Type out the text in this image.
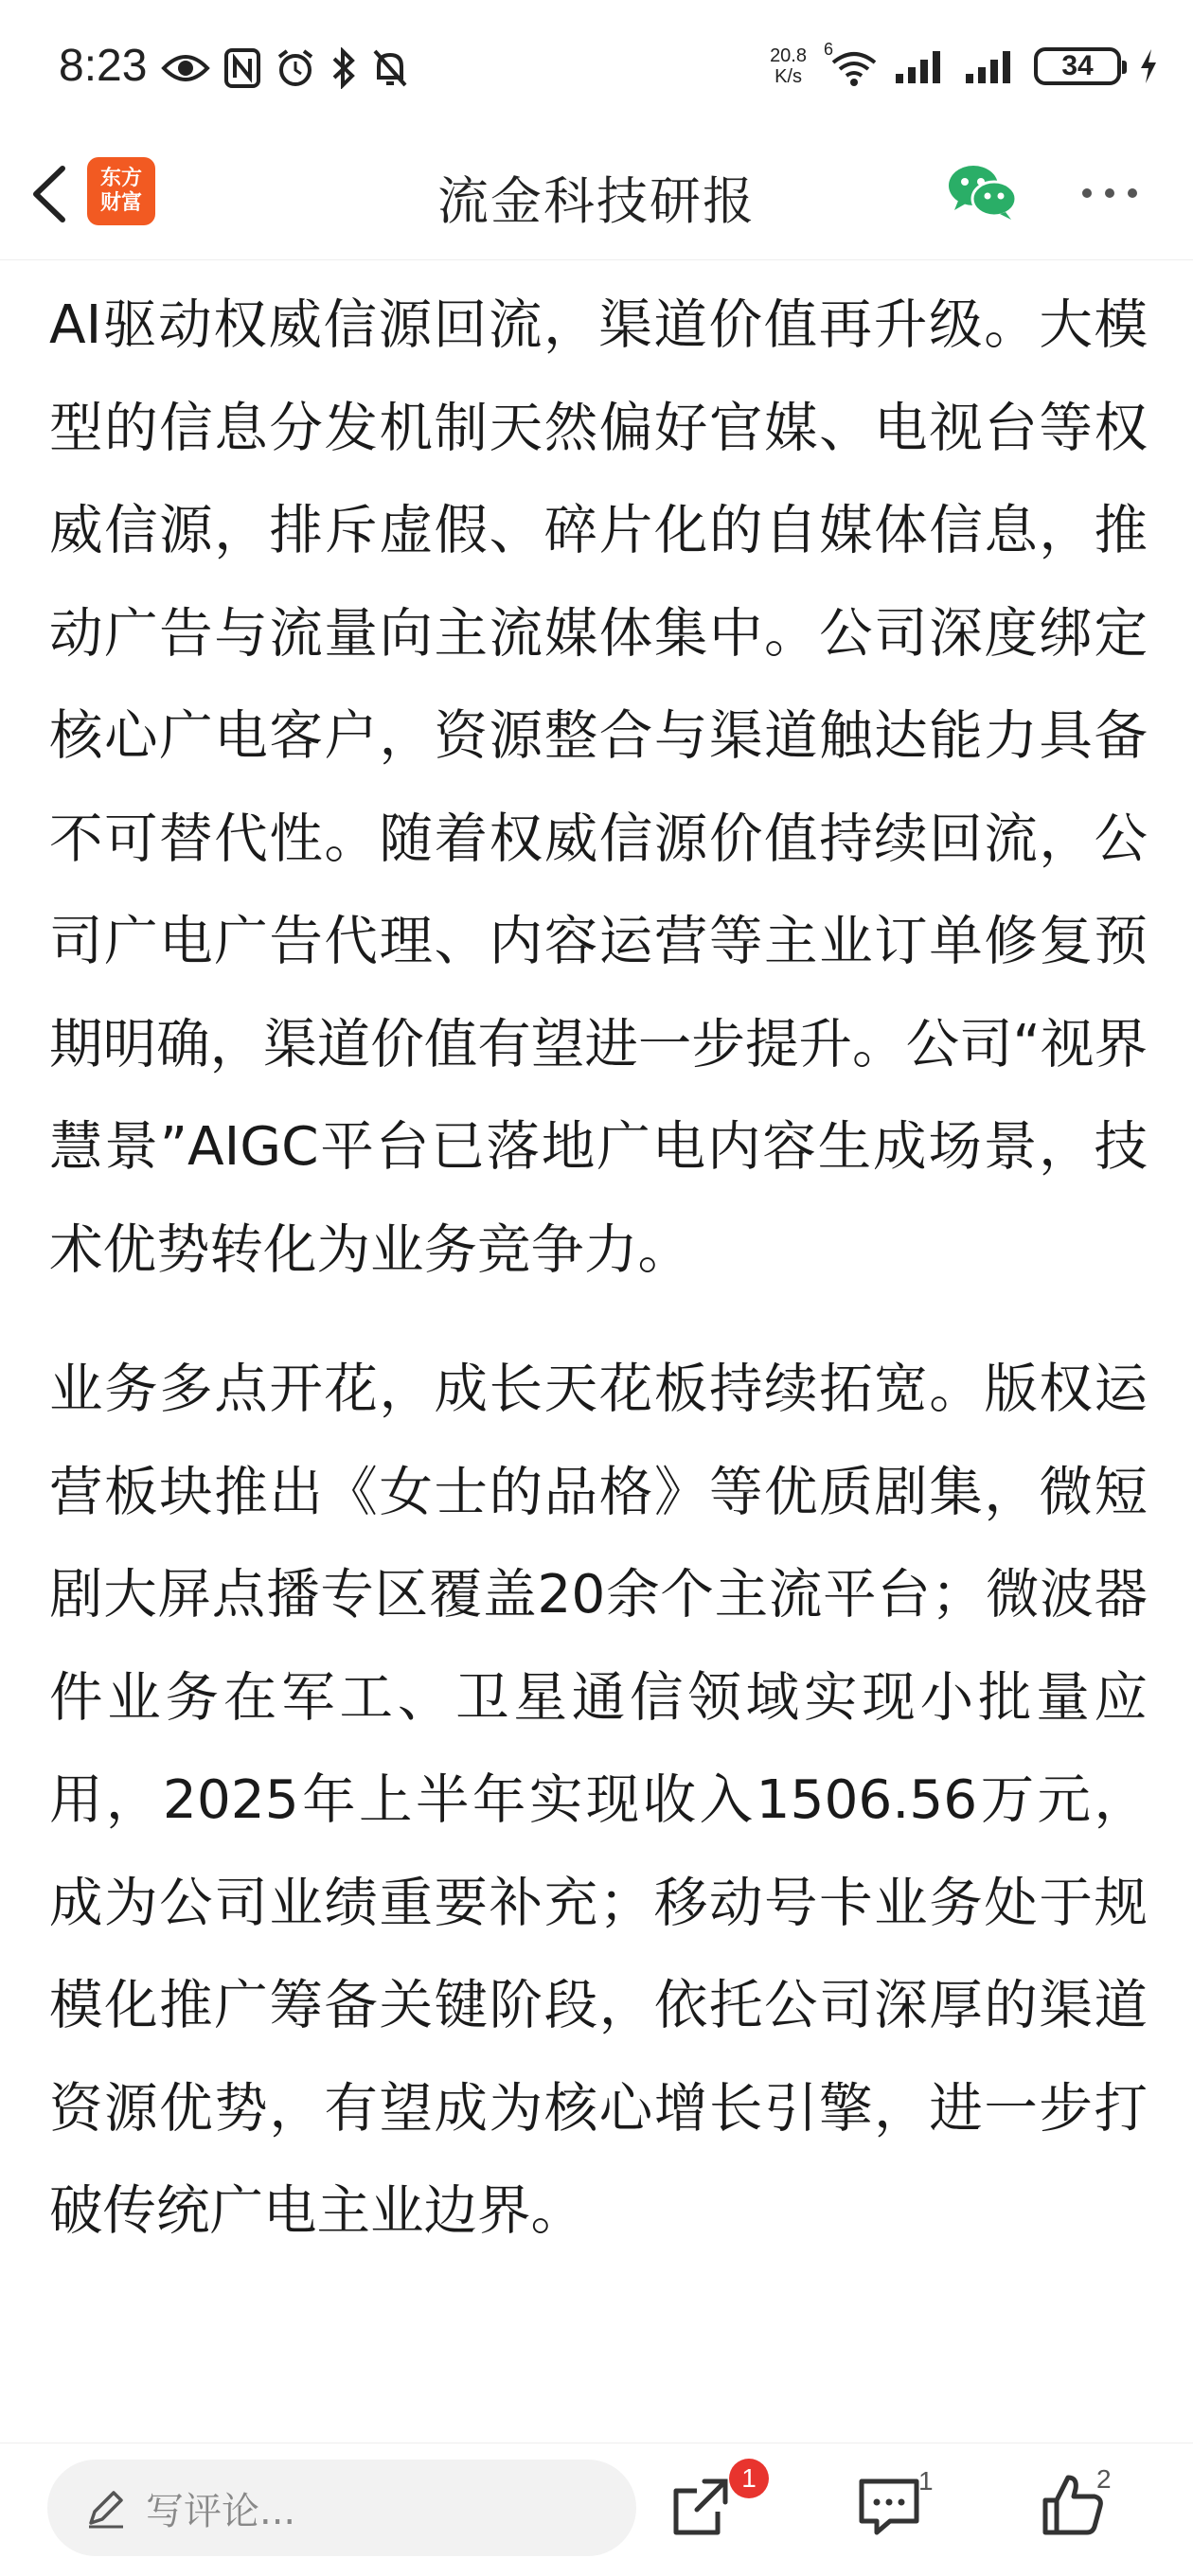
8:23	20.8
K/s
6
34
东方
财富	流金科技研报

AI驱动权威信源回流，渠道价值再升级。大模型的信息分发机制天然偏好官媒、电视台等权威信源，排斥虚假、碎片化的自媒体信息，推动广告与流量向主流媒体集中。公司深度绑定核心广电客户，资源整合与渠道触达能力具备不可替代性。随着权威信源价值持续回流，公司广电广告代理、内容运营等主业订单修复预期明确，渠道价值有望进一步提升。公司“视界慧景”AIGC平台已落地广电内容生成场景，技术优势转化为业务竞争力。

业务多点开花，成长天花板持续拓宽。版权运营板块推出《女士的品格》等优质剧集，微短剧大屏点播专区覆盖20余个主流平台；微波器件业务在军工、卫星通信领域实现小批量应用，2025年上半年实现收入1506.56万元，成为公司业绩重要补充；移动号卡业务处于规模化推广筹备关键阶段，依托公司深厚的渠道资源优势，有望成为核心增长引擎，进一步打破传统广电主业边界。

写评论...
1	1	2
